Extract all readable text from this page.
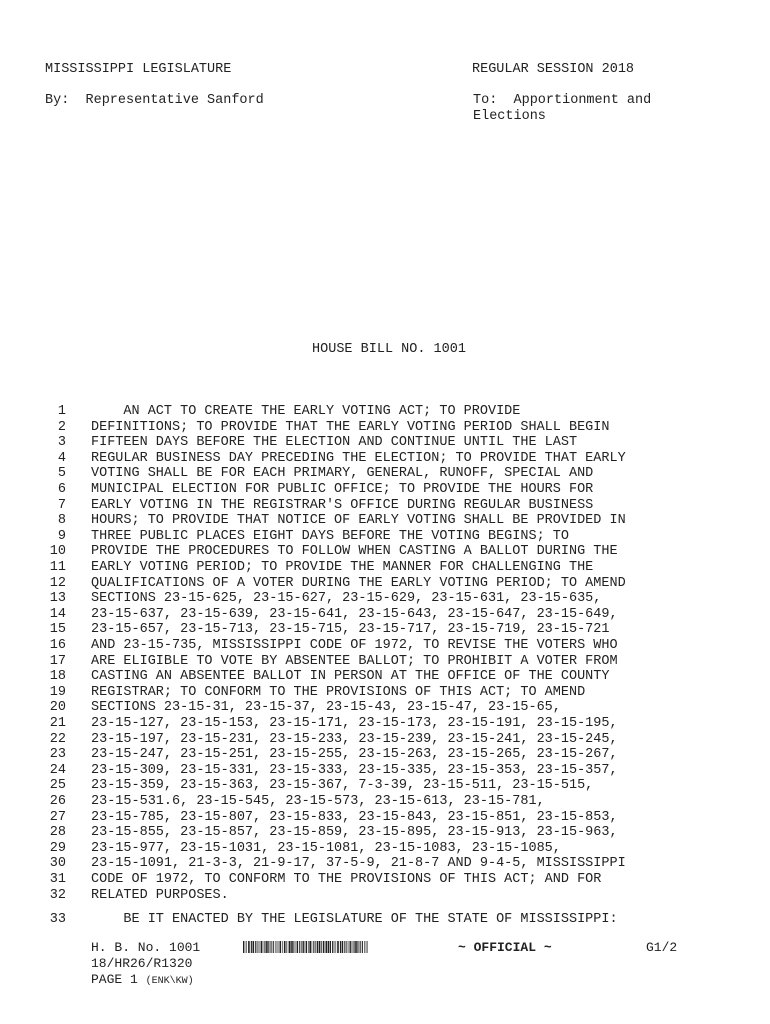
MISSISSIPPI LEGISLATURE	REGULAR SESSION 2018
By:  Representative Sanford	To:  Apportionment and
Elections
HOUSE BILL NO. 1001
1 AN ACT TO CREATE THE EARLY VOTING ACT; TO PROVIDE
2 DEFINITIONS; TO PROVIDE THAT THE EARLY VOTING PERIOD SHALL BEGIN
3 FIFTEEN DAYS BEFORE THE ELECTION AND CONTINUE UNTIL THE LAST
4 REGULAR BUSINESS DAY PRECEDING THE ELECTION; TO PROVIDE THAT EARLY
5 VOTING SHALL BE FOR EACH PRIMARY, GENERAL, RUNOFF, SPECIAL AND
6 MUNICIPAL ELECTION FOR PUBLIC OFFICE; TO PROVIDE THE HOURS FOR
7 EARLY VOTING IN THE REGISTRAR'S OFFICE DURING REGULAR BUSINESS
8 HOURS; TO PROVIDE THAT NOTICE OF EARLY VOTING SHALL BE PROVIDED IN
9 THREE PUBLIC PLACES EIGHT DAYS BEFORE THE VOTING BEGINS; TO
10 PROVIDE THE PROCEDURES TO FOLLOW WHEN CASTING A BALLOT DURING THE
11 EARLY VOTING PERIOD; TO PROVIDE THE MANNER FOR CHALLENGING THE
12 QUALIFICATIONS OF A VOTER DURING THE EARLY VOTING PERIOD; TO AMEND
13 SECTIONS 23-15-625, 23-15-627, 23-15-629, 23-15-631, 23-15-635,
14 23-15-637, 23-15-639, 23-15-641, 23-15-643, 23-15-647, 23-15-649,
15 23-15-657, 23-15-713, 23-15-715, 23-15-717, 23-15-719, 23-15-721
16 AND 23-15-735, MISSISSIPPI CODE OF 1972, TO REVISE THE VOTERS WHO
17 ARE ELIGIBLE TO VOTE BY ABSENTEE BALLOT; TO PROHIBIT A VOTER FROM
18 CASTING AN ABSENTEE BALLOT IN PERSON AT THE OFFICE OF THE COUNTY
19 REGISTRAR; TO CONFORM TO THE PROVISIONS OF THIS ACT; TO AMEND
20 SECTIONS 23-15-31, 23-15-37, 23-15-43, 23-15-47, 23-15-65,
21 23-15-127, 23-15-153, 23-15-171, 23-15-173, 23-15-191, 23-15-195,
22 23-15-197, 23-15-231, 23-15-233, 23-15-239, 23-15-241, 23-15-245,
23 23-15-247, 23-15-251, 23-15-255, 23-15-263, 23-15-265, 23-15-267,
24 23-15-309, 23-15-331, 23-15-333, 23-15-335, 23-15-353, 23-15-357,
25 23-15-359, 23-15-363, 23-15-367, 7-3-39, 23-15-511, 23-15-515,
26 23-15-531.6, 23-15-545, 23-15-573, 23-15-613, 23-15-781,
27 23-15-785, 23-15-807, 23-15-833, 23-15-843, 23-15-851, 23-15-853,
28 23-15-855, 23-15-857, 23-15-859, 23-15-895, 23-15-913, 23-15-963,
29 23-15-977, 23-15-1031, 23-15-1081, 23-15-1083, 23-15-1085,
30 23-15-1091, 21-3-3, 21-9-17, 37-5-9, 21-8-7 AND 9-4-5, MISSISSIPPI
31 CODE OF 1972, TO CONFORM TO THE PROVISIONS OF THIS ACT; AND FOR
32 RELATED PURPOSES.
33 BE IT ENACTED BY THE LEGISLATURE OF THE STATE OF MISSISSIPPI:
H. B. No. 1001	~ OFFICIAL ~	G1/2
18/HR26/R1320
PAGE 1 (ENK\KW)
